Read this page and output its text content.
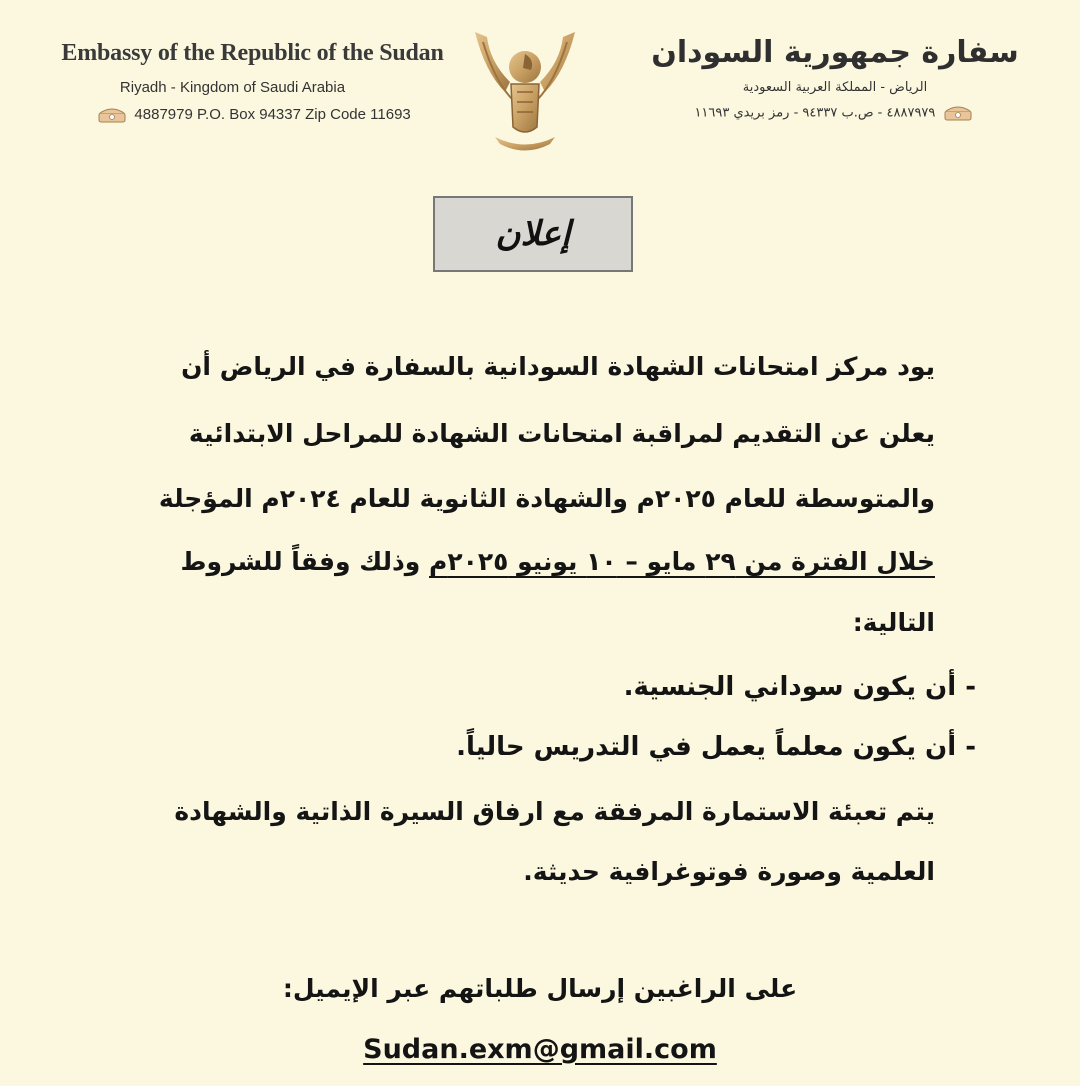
Embassy of the Republic of the Sudan
Riyadh - Kingdom of Saudi Arabia
4887979 P.O. Box 94337 Zip Code 11693
سفارة جمهورية السودان
الرياض - المملكة العربية السعودية
٤٨٨٧٩٧٩ - ص.ب ٩٤٣٣٧ - رمز بريدي ١١٦٩٣
إعلان
يود مركز امتحانات الشهادة السودانية بالسفارة في الرياض أن
يعلن عن التقديم لمراقبة امتحانات الشهادة للمراحل الابتدائية
والمتوسطة للعام ٢٠٢٥م والشهادة الثانوية للعام ٢٠٢٤م المؤجلة
خلال الفترة من ٢٩ مايو – ١٠ يونيو ٢٠٢٥م وذلك وفقاً للشروط
التالية:
- أن يكون سوداني الجنسية.
- أن يكون معلماً يعمل في التدريس حالياً.
يتم تعبئة الاستمارة المرفقة مع ارفاق السيرة الذاتية والشهادة
العلمية وصورة فوتوغرافية حديثة.
على الراغبين إرسال طلباتهم عبر الإيميل:
Sudan.exm@gmail.com
